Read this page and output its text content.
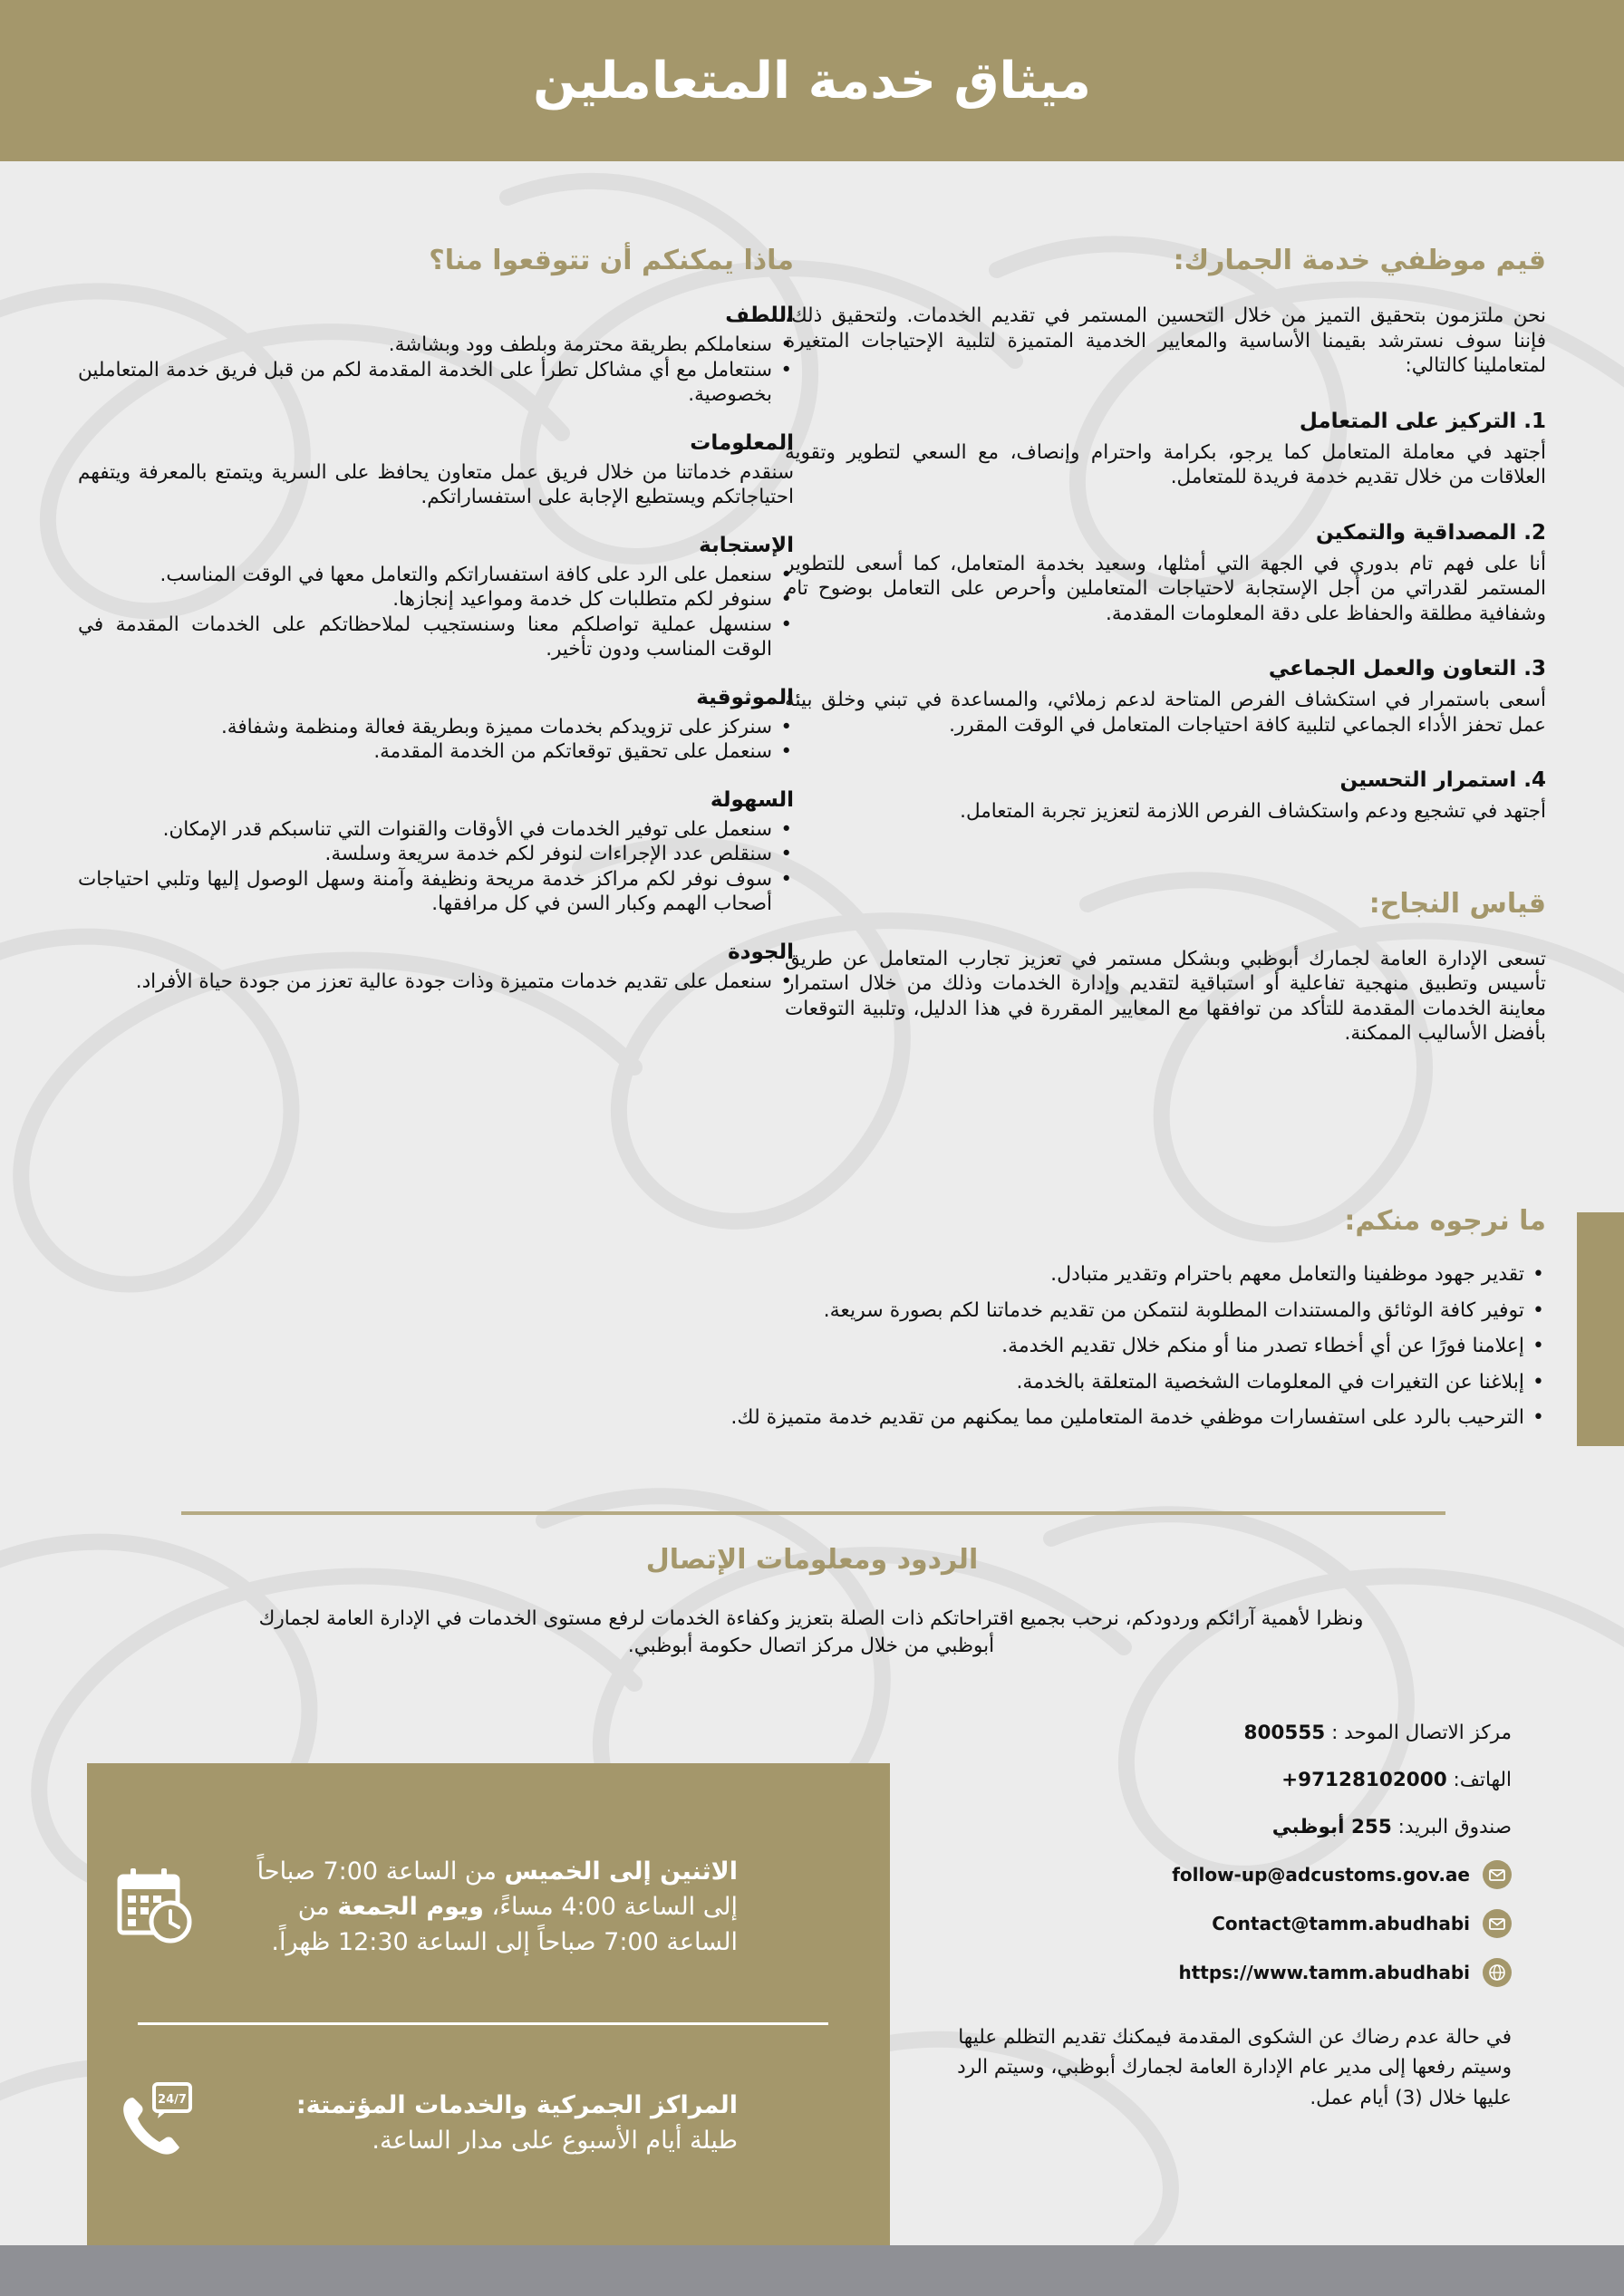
ميثاق خدمة المتعاملين
قيم موظفي خدمة الجمارك:

نحن ملتزمون بتحقيق التميز من خلال التحسين المستمر في تقديم الخدمات. ولتحقيق ذلك، فإننا سوف نسترشد بقيمنا الأساسية والمعايير الخدمية المتميزة لتلبية الإحتياجات المتغيرة لمتعاملينا كالتالي:

1. التركيز على المتعامل

أجتهد في معاملة المتعامل كما يرجو، بكرامة واحترام وإنصاف، مع السعي لتطوير وتقوية العلاقات من خلال تقديم خدمة فريدة للمتعامل.

2. المصداقية والتمكين

أنا على فهم تام بدوري في الجهة التي أمثلها، وسعيد بخدمة المتعامل، كما أسعى للتطوير المستمر لقدراتي من أجل الإستجابة لاحتياجات المتعاملين وأحرص على التعامل بوضوح تام وشفافية مطلقة والحفاظ على دقة المعلومات المقدمة.

3. التعاون والعمل الجماعي

أسعى باستمرار في استكشاف الفرص المتاحة لدعم زملائي، والمساعدة في تبني وخلق بيئة عمل تحفز الأداء الجماعي لتلبية كافة احتياجات المتعامل في الوقت المقرر.

4. استمرار التحسين

أجتهد في تشجيع ودعم واستكشاف الفرص اللازمة لتعزيز تجربة المتعامل.

قياس النجاح:

تسعى الإدارة العامة لجمارك أبوظبي وبشكل مستمر في تعزيز تجارب المتعامل عن طريق تأسيس وتطبيق منهجية تفاعلية أو استباقية لتقديم وإدارة الخدمات وذلك من خلال استمرار معاينة الخدمات المقدمة للتأكد من توافقها مع المعايير المقررة في هذا الدليل، وتلبية التوقعات بأفضل الأساليب الممكنة.

ماذا يمكنكم أن تتوقعوا منا؟
اللطف
• سنعاملكم بطريقة محترمة وبلطف وود وبشاشة.
• سنتعامل مع أي مشاكل تطرأ على الخدمة المقدمة لكم من قبل فريق خدمة المتعاملين بخصوصية.
المعلومات

سنقدم خدماتنا من خلال فريق عمل متعاون يحافظ على السرية ويتمتع بالمعرفة ويتفهم احتياجاتكم ويستطيع الإجابة على استفساراتكم.

الإستجابة
• سنعمل على الرد على كافة استفساراتكم والتعامل معها في الوقت المناسب.
• سنوفر لكم متطلبات كل خدمة ومواعيد إنجازها.
• سنسهل عملية تواصلكم معنا وسنستجيب لملاحظاتكم على الخدمات المقدمة في الوقت المناسب ودون تأخير.
الموثوقية
• سنركز على تزويدكم بخدمات مميزة وبطريقة فعالة ومنظمة وشفافة.
• سنعمل على تحقيق توقعاتكم من الخدمة المقدمة.
السهولة
• سنعمل على توفير الخدمات في الأوقات والقنوات التي تناسبكم قدر الإمكان.
• سنقلص عدد الإجراءات لنوفر لكم خدمة سريعة وسلسة.
• سوف نوفر لكم مراكز خدمة مريحة ونظيفة وآمنة وسهل الوصول إليها وتلبي احتياجات أصحاب الهمم وكبار السن في كل مرافقها.
الجودة
• سنعمل على تقديم خدمات متميزة وذات جودة عالية تعزز من جودة حياة الأفراد.
ما نرجوه منكم:
• تقدير جهود موظفينا والتعامل معهم باحترام وتقدير متبادل.
• توفير كافة الوثائق والمستندات المطلوبة لنتمكن من تقديم خدماتنا لكم بصورة سريعة.
• إعلامنا فورًا عن أي أخطاء تصدر منا أو منكم خلال تقديم الخدمة.
• إبلاغنا عن التغيرات في المعلومات الشخصية المتعلقة بالخدمة.
• الترحيب بالرد على استفسارات موظفي خدمة المتعاملين مما يمكنهم من تقديم خدمة متميزة لك.
الردود ومعلومات الإتصال

ونظرا لأهمية آرائكم وردودكم، نرحب بجميع اقتراحاتكم ذات الصلة بتعزيز وكفاءة الخدمات لرفع مستوى الخدمات في الإدارة العامة لجمارك أبوظبي من خلال مركز اتصال حكومة أبوظبي.

مركز الاتصال الموحد :

800555
الهاتف:

+97128102000
صندوق البريد:

255 أبوظبي
follow-up@adcustoms.gov.ae
Contact@tamm.abudhabi
https://www.tamm.abudhabi

في حالة عدم رضاك عن الشكوى المقدمة فيمكنك تقديم التظلم عليها وسيتم رفعها إلى مدير عام الإدارة العامة لجمارك أبوظبي، وسيتم الرد عليها خلال (3) أيام عمل.

الاثنين إلى الخميس من الساعة 7:00 صباحاً إلى الساعة 4:00 مساءً، ويوم الجمعة من الساعة 7:00 صباحاً إلى الساعة 12:30 ظهراً.

المراكز الجمركية والخدمات المؤتمتة:

طيلة أيام الأسبوع على مدار الساعة.

24/7
